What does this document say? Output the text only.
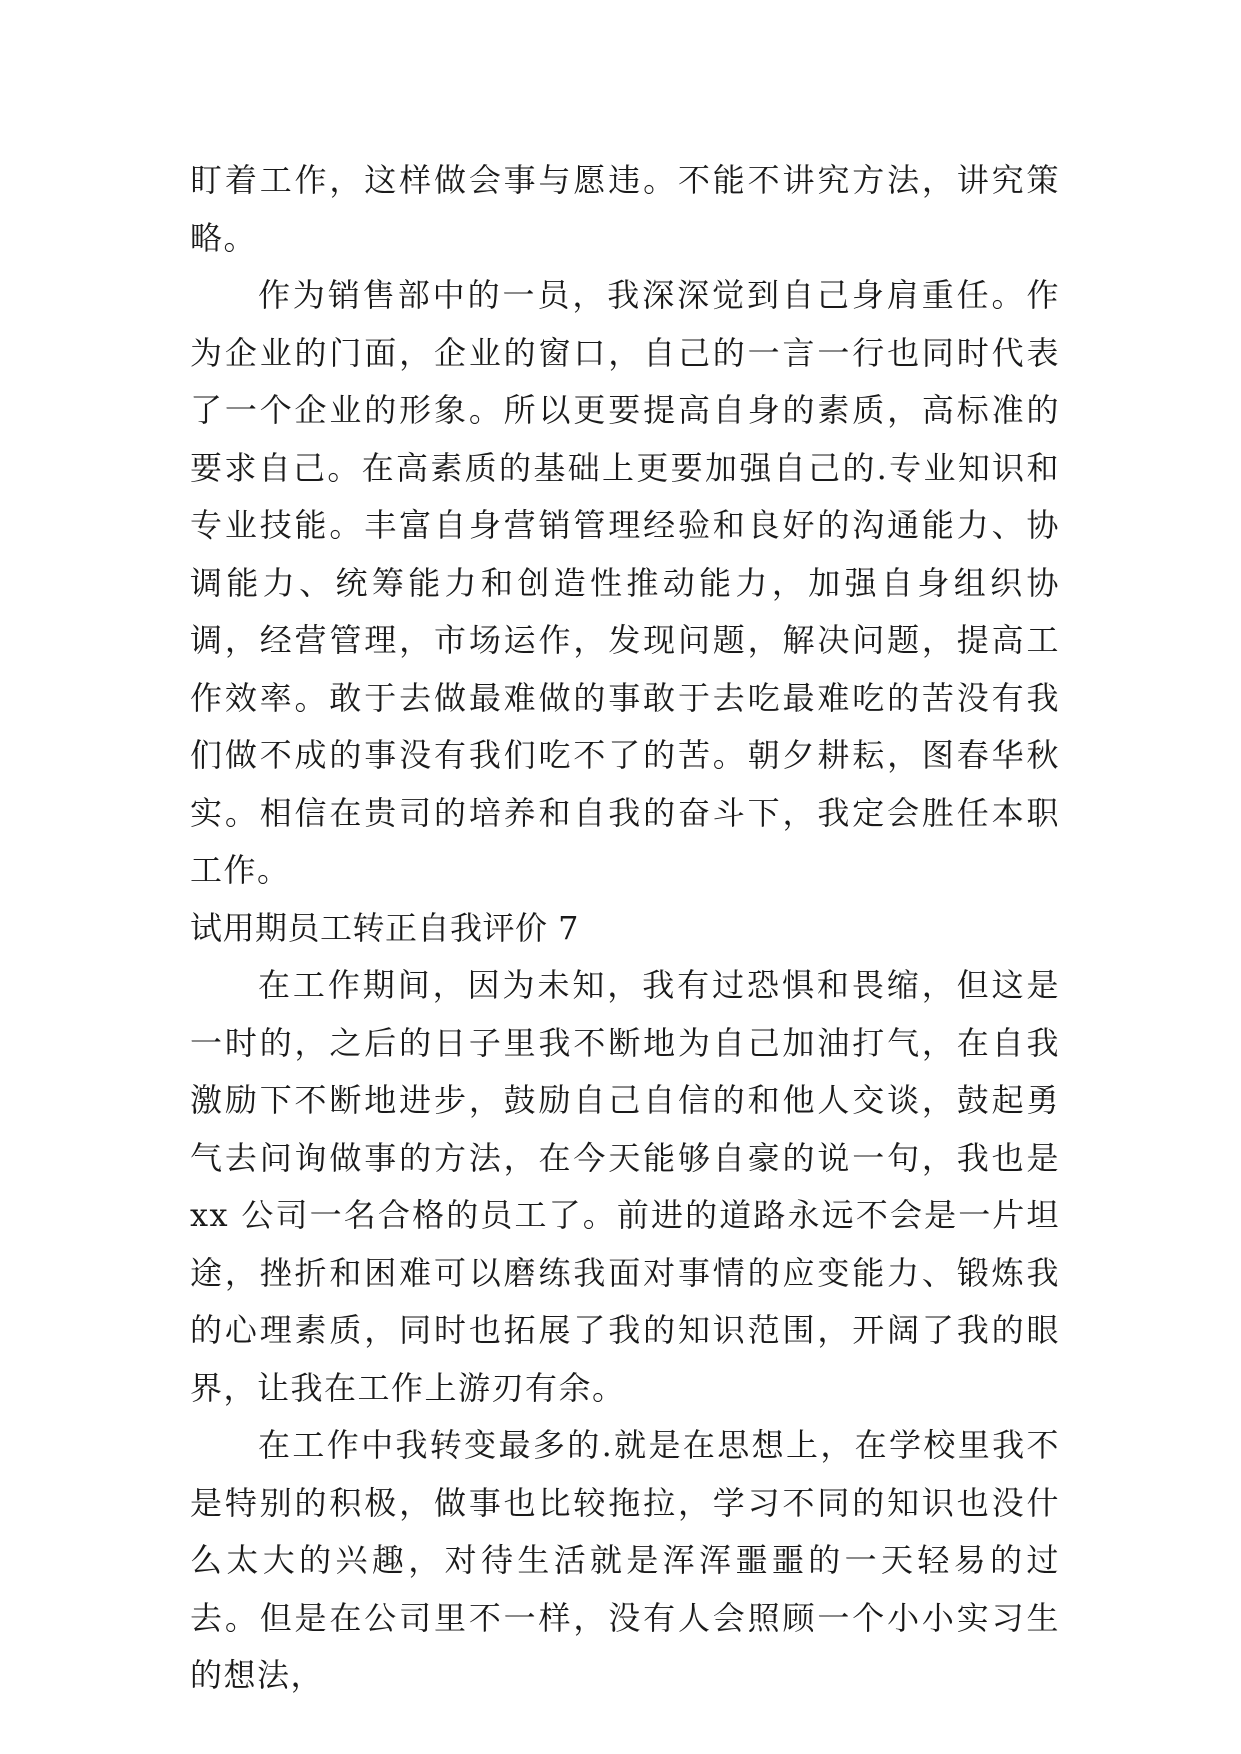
盯着工作，这样做会事与愿违。不能不讲究方法，讲究策略。

作为销售部中的一员，我深深觉到自己身肩重任。作为企业的门面，企业的窗口，自己的一言一行也同时代表了一个企业的形象。所以更要提高自身的素质，高标准的要求自己。在高素质的基础上更要加强自己的.专业知识和专业技能。丰富自身营销管理经验和良好的沟通能力、协调能力、统筹能力和创造性推动能力，加强自身组织协调，经营管理，市场运作，发现问题，解决问题，提高工作效率。敢于去做最难做的事敢于去吃最难吃的苦没有我们做不成的事没有我们吃不了的苦。朝夕耕耘，图春华秋实。相信在贵司的培养和自我的奋斗下，我定会胜任本职工作。

试用期员工转正自我评价 7

在工作期间，因为未知，我有过恐惧和畏缩，但这是一时的，之后的日子里我不断地为自己加油打气，在自我激励下不断地进步，鼓励自己自信的和他人交谈，鼓起勇气去问询做事的方法，在今天能够自豪的说一句，我也是 xx 公司一名合格的员工了。前进的道路永远不会是一片坦途，挫折和困难可以磨练我面对事情的应变能力、锻炼我的心理素质，同时也拓展了我的知识范围，开阔了我的眼界，让我在工作上游刃有余。

在工作中我转变最多的.就是在思想上，在学校里我不是特别的积极，做事也比较拖拉，学习不同的知识也没什么太大的兴趣，对待生活就是浑浑噩噩的一天轻易的过去。但是在公司里不一样，没有人会照顾一个小小实习生的想法，
